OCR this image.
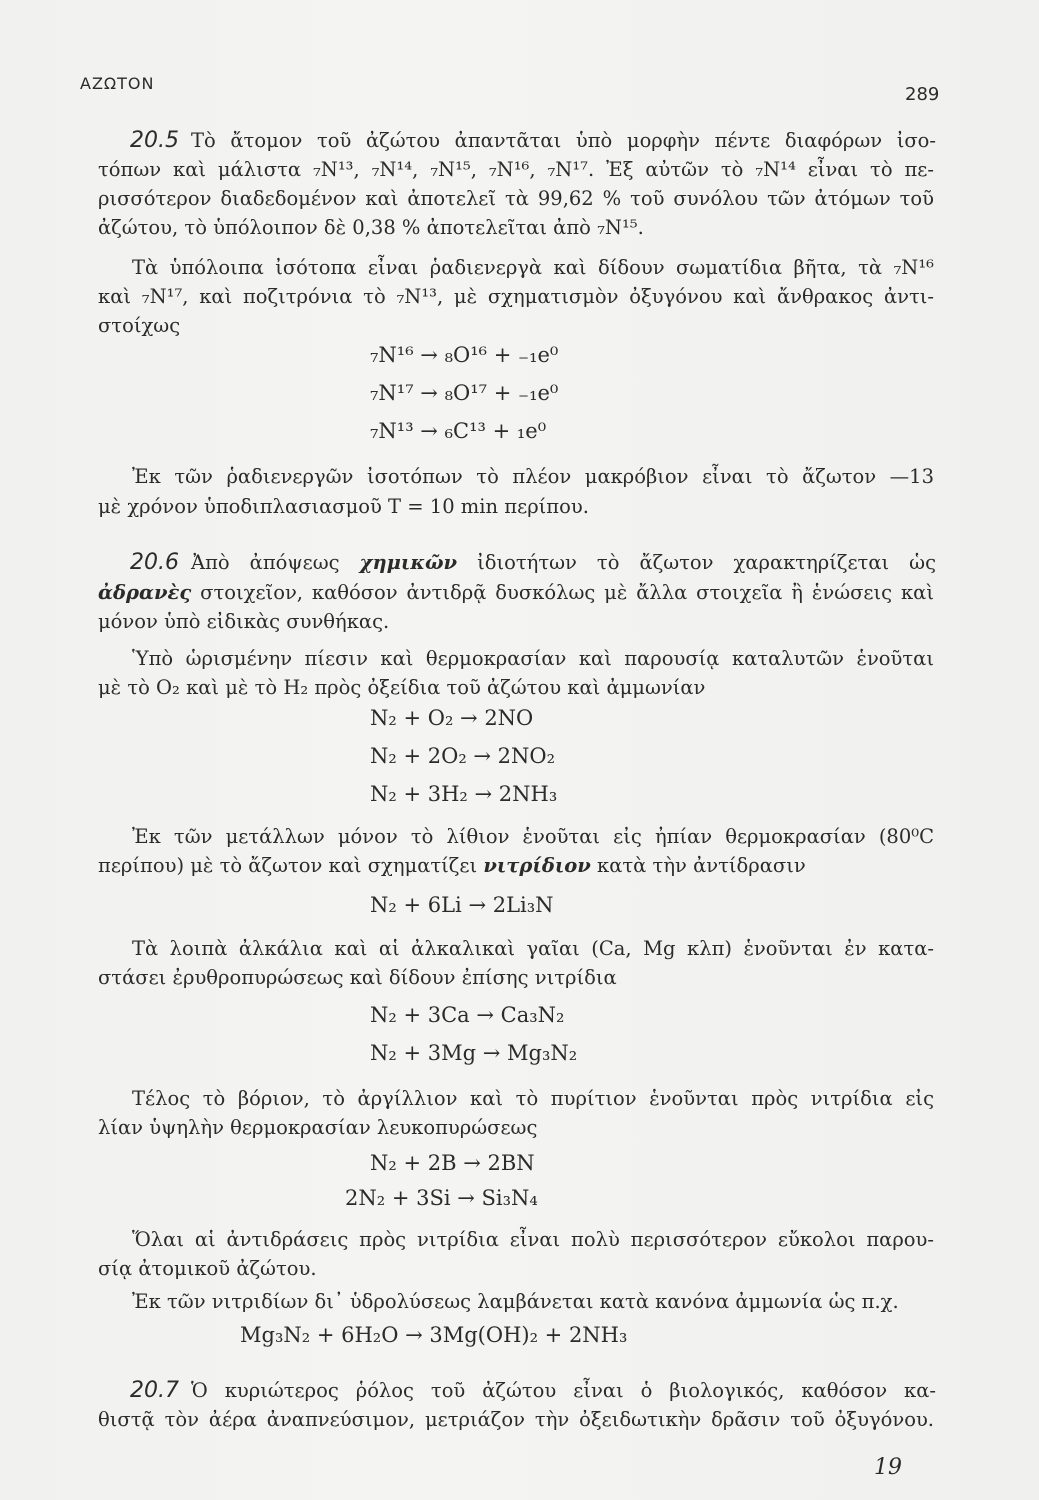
ΑΖΩΤΟΝ
289
20.5 Τὸ ἄτομον τοῦ ἀζώτου ἀπαντᾶται ὑπὸ μορφὴν πέντε διαφόρων ἰσο-
τόπων καὶ μάλιστα ₇N¹³, ₇N¹⁴, ₇N¹⁵, ₇N¹⁶, ₇N¹⁷. Ἐξ αὐτῶν τὸ ₇N¹⁴ εἶναι τὸ πε-
ρισσότερον διαδεδομένον καὶ ἀποτελεῖ τὰ 99,62 % τοῦ συνόλου τῶν ἀτόμων τοῦ
ἀζώτου, τὸ ὑπόλοιπον δὲ 0,38 % ἀποτελεῖται ἀπὸ ₇N¹⁵.
Τὰ ὑπόλοιπα ἰσότοπα εἶναι ῥαδιενεργὰ καὶ δίδουν σωματίδια βῆτα, τὰ ₇N¹⁶
καὶ ₇N¹⁷, καὶ ποζιτρόνια τὸ ₇N¹³, μὲ σχηματισμὸν ὀξυγόνου καὶ ἄνθρακος ἀντι-
στοίχως
₇N¹⁶ → ₈O¹⁶ + ₋₁e⁰
₇N¹⁷ → ₈O¹⁷ + ₋₁e⁰
₇N¹³ → ₆C¹³ + ₁e⁰
Ἐκ τῶν ῥαδιενεργῶν ἰσοτόπων τὸ πλέον μακρόβιον εἶναι τὸ ἄζωτον —13
μὲ χρόνον ὑποδιπλασιασμοῦ T = 10 min περίπου.
20.6 Ἀπὸ ἀπόψεως χημικῶν ἰδιοτήτων τὸ ἄζωτον χαρακτηρίζεται ὡς
ἀδρανὲς στοιχεῖον, καθόσον ἀντιδρᾷ δυσκόλως μὲ ἄλλα στοιχεῖα ἢ ἑνώσεις καὶ
μόνον ὑπὸ εἰδικὰς συνθήκας.
Ὑπὸ ὡρισμένην πίεσιν καὶ θερμοκρασίαν καὶ παρουσίᾳ καταλυτῶν ἑνοῦται
μὲ τὸ O₂ καὶ μὲ τὸ H₂ πρὸς ὀξείδια τοῦ ἀζώτου καὶ ἀμμωνίαν
N₂ + O₂ → 2NO
N₂ + 2O₂ → 2NO₂
N₂ + 3H₂ → 2NH₃
Ἐκ τῶν μετάλλων μόνον τὸ λίθιον ἑνοῦται εἰς ἠπίαν θερμοκρασίαν (80⁰C
περίπου) μὲ τὸ ἄζωτον καὶ σχηματίζει νιτρίδιον κατὰ τὴν ἀντίδρασιν
N₂ + 6Li → 2Li₃N
Τὰ λοιπὰ ἀλκάλια καὶ αἱ ἀλκαλικαὶ γαῖαι (Ca, Mg κλπ) ἑνοῦνται ἐν κατα-
στάσει ἐρυθροπυρώσεως καὶ δίδουν ἐπίσης νιτρίδια
N₂ + 3Ca → Ca₃N₂
N₂ + 3Mg → Mg₃N₂
Τέλος τὸ βόριον, τὸ ἀργίλλιον καὶ τὸ πυρίτιον ἑνοῦνται πρὸς νιτρίδια εἰς
λίαν ὑψηλὴν θερμοκρασίαν λευκοπυρώσεως
N₂ + 2B → 2BN
2N₂ + 3Si → Si₃N₄
Ὅλαι αἱ ἀντιδράσεις πρὸς νιτρίδια εἶναι πολὺ περισσότερον εὔκολοι παρου-
σίᾳ ἀτομικοῦ ἀζώτου.
Ἐκ τῶν νιτριδίων δι᾽ ὑδρολύσεως λαμβάνεται κατὰ κανόνα ἀμμωνία ὡς π.χ.
Mg₃N₂ + 6H₂O → 3Mg(OH)₂ + 2NH₃
20.7 Ὁ κυριώτερος ῥόλος τοῦ ἀζώτου εἶναι ὁ βιολογικός, καθόσον κα-
θιστᾷ τὸν ἀέρα ἀναπνεύσιμον, μετριάζον τὴν ὀξειδωτικὴν δρᾶσιν τοῦ ὀξυγόνου.
19
